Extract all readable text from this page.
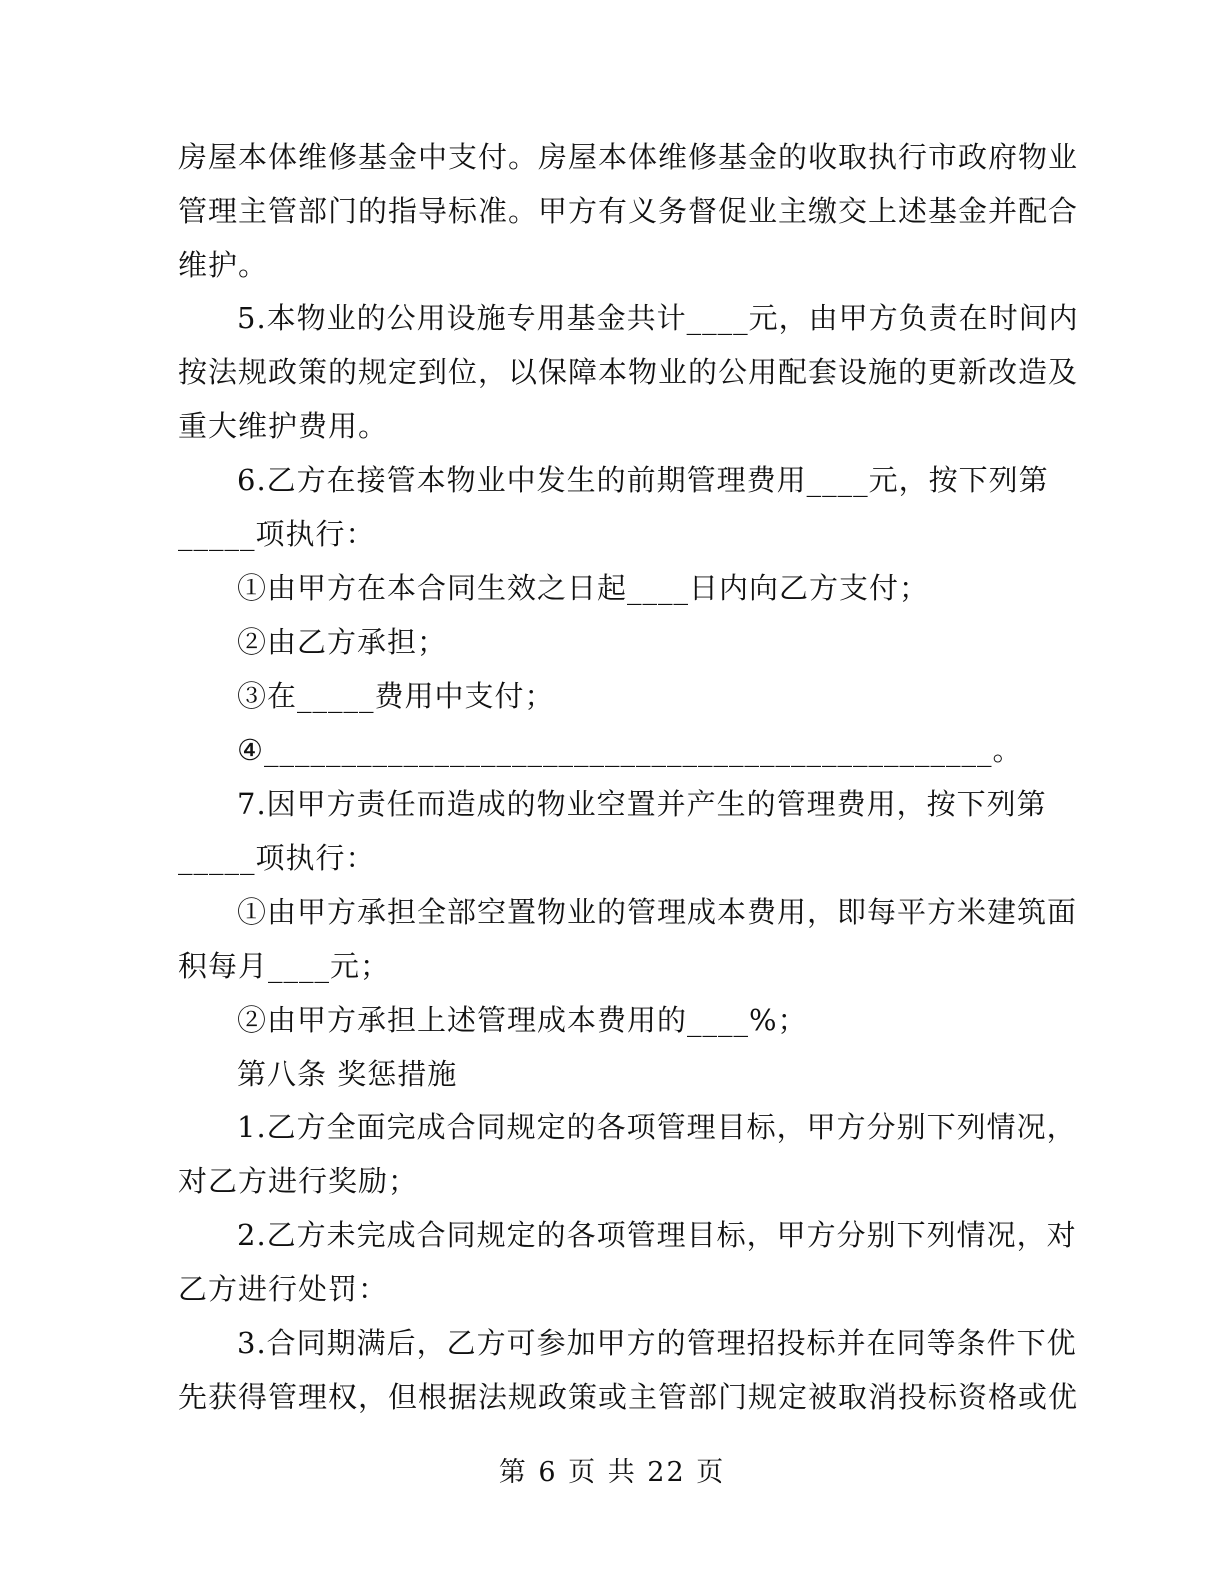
房屋本体维修基金中支付。房屋本体维修基金的收取执行市政府物业
管理主管部门的指导标准。甲方有义务督促业主缴交上述基金并配合
维护。
5.本物业的公用设施专用基金共计____元，由甲方负责在时间内
按法规政策的规定到位，以保障本物业的公用配套设施的更新改造及
重大维护费用。
6.乙方在接管本物业中发生的前期管理费用____元，按下列第
_____项执行：
①由甲方在本合同生效之日起____日内向乙方支付；
②由乙方承担；
③在_____费用中支付；
④_______________________________________________。
7.因甲方责任而造成的物业空置并产生的管理费用，按下列第
_____项执行：
①由甲方承担全部空置物业的管理成本费用，即每平方米建筑面
积每月____元；
②由甲方承担上述管理成本费用的____%；
第八条 奖惩措施
1.乙方全面完成合同规定的各项管理目标，甲方分别下列情况，
对乙方进行奖励；
2.乙方未完成合同规定的各项管理目标，甲方分别下列情况，对
乙方进行处罚：
3.合同期满后，乙方可参加甲方的管理招投标并在同等条件下优
先获得管理权，但根据法规政策或主管部门规定被取消投标资格或优
第 6 页 共 22 页
